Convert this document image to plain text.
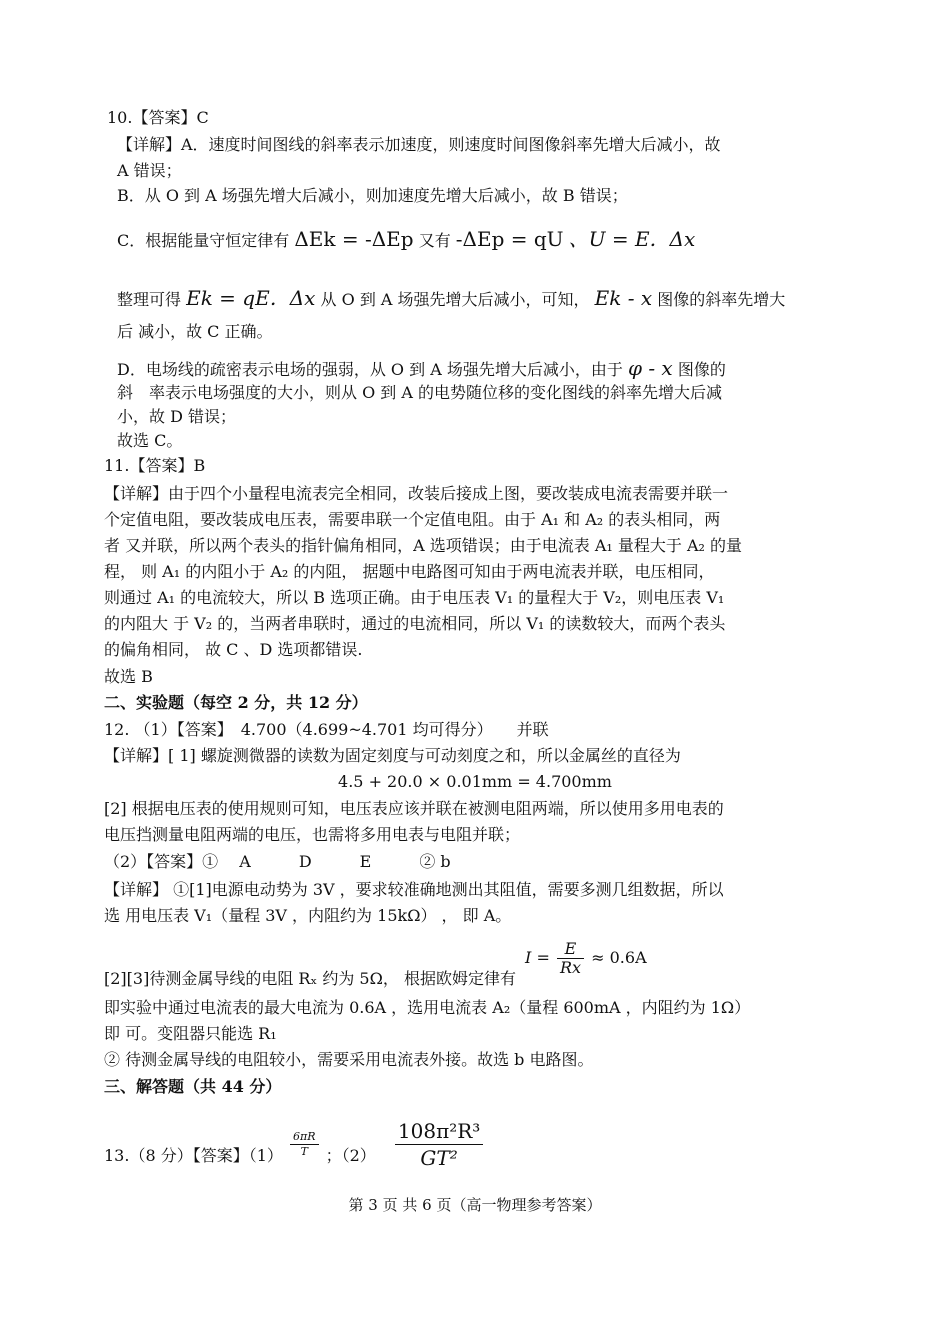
10.【答案】C
【详解】A．速度时间图线的斜率表示加速度，则速度时间图像斜率先增大后减小，故
A 错误；
B．从 O 到 A 场强先增大后减小，则加速度先增大后减小，故 B 错误；
C．根据能量守恒定律有 ΔEk = -ΔEp 又有 -ΔEp = qU 、U = E．Δx
整理可得 Ek = qE．Δx 从 O 到 A 场强先增大后减小，可知， Ek - x 图像的斜率先增大
后 减小，故 C 正确。
D．电场线的疏密表示电场的强弱，从 O 到 A 场强先增大后减小，由于 φ - x 图像的
斜　率表示电场强度的大小，则从 O 到 A 的电势随位移的变化图线的斜率先增大后减
小，故 D 错误；
故选 C。
11.【答案】B
【详解】由于四个小量程电流表完全相同，改装后接成上图，要改装成电流表需要并联一
个定值电阻，要改装成电压表，需要串联一个定值电阻。由于 A₁ 和 A₂ 的表头相同，两
者 又并联，所以两个表头的指针偏角相同，A 选项错误；由于电流表 A₁ 量程大于 A₂ 的量
程， 则 A₁ 的内阻小于 A₂ 的内阻， 据题中电路图可知由于两电流表并联，电压相同，
则通过 A₁ 的电流较大，所以 B 选项正确。由于电压表 V₁ 的量程大于 V₂，则电压表 V₁
的内阻大 于 V₂ 的，当两者串联时，通过的电流相同，所以 V₁ 的读数较大，而两个表头
的偏角相同， 故 C 、D 选项都错误.
故选 B
二、实验题（每空 2 分，共 12 分）
12. （1）【答案】　4.700（4.699~4.701 均可得分）　　并联
【详解】[ 1] 螺旋测微器的读数为固定刻度与可动刻度之和，所以金属丝的直径为
4.5 + 20.0 × 0.01mm = 4.700mm
[2] 根据电压表的使用规则可知，电压表应该并联在被测电阻两端，所以使用多用电表的
电压挡测量电阻两端的电压，也需将多用电表与电阻并联；
（2）【答案】① 　A　　　D　　　E　　　② b
【详解】 ①[1]电源电动势为 3V ，要求较准确地测出其阻值，需要多测几组数据，所以
选 用电压表 V₁（量程 3V ，内阻约为 15kΩ） ， 即 A。
[2][3]待测金属导线的电阻 Rₓ 约为 5Ω， 根据欧姆定律有 $I = \frac{E}{Rx} \approx 0.6A$
即实验中通过电流表的最大电流为 0.6A ，选用电流表 A₂（量程 600mA ，内阻约为 1Ω）
即 可。变阻器只能选 R₁
② 待测金属导线的电阻较小，需要采用电流表外接。故选 b 电路图。
三、解答题（共 44 分）
13.（8 分）【答案】$(1) \frac{6\pi R}{T}$ ；$(2) \frac{\text{108π²R³}}{\text{GT²}}$
第 3 页 共 6 页（高一物理参考答案）
